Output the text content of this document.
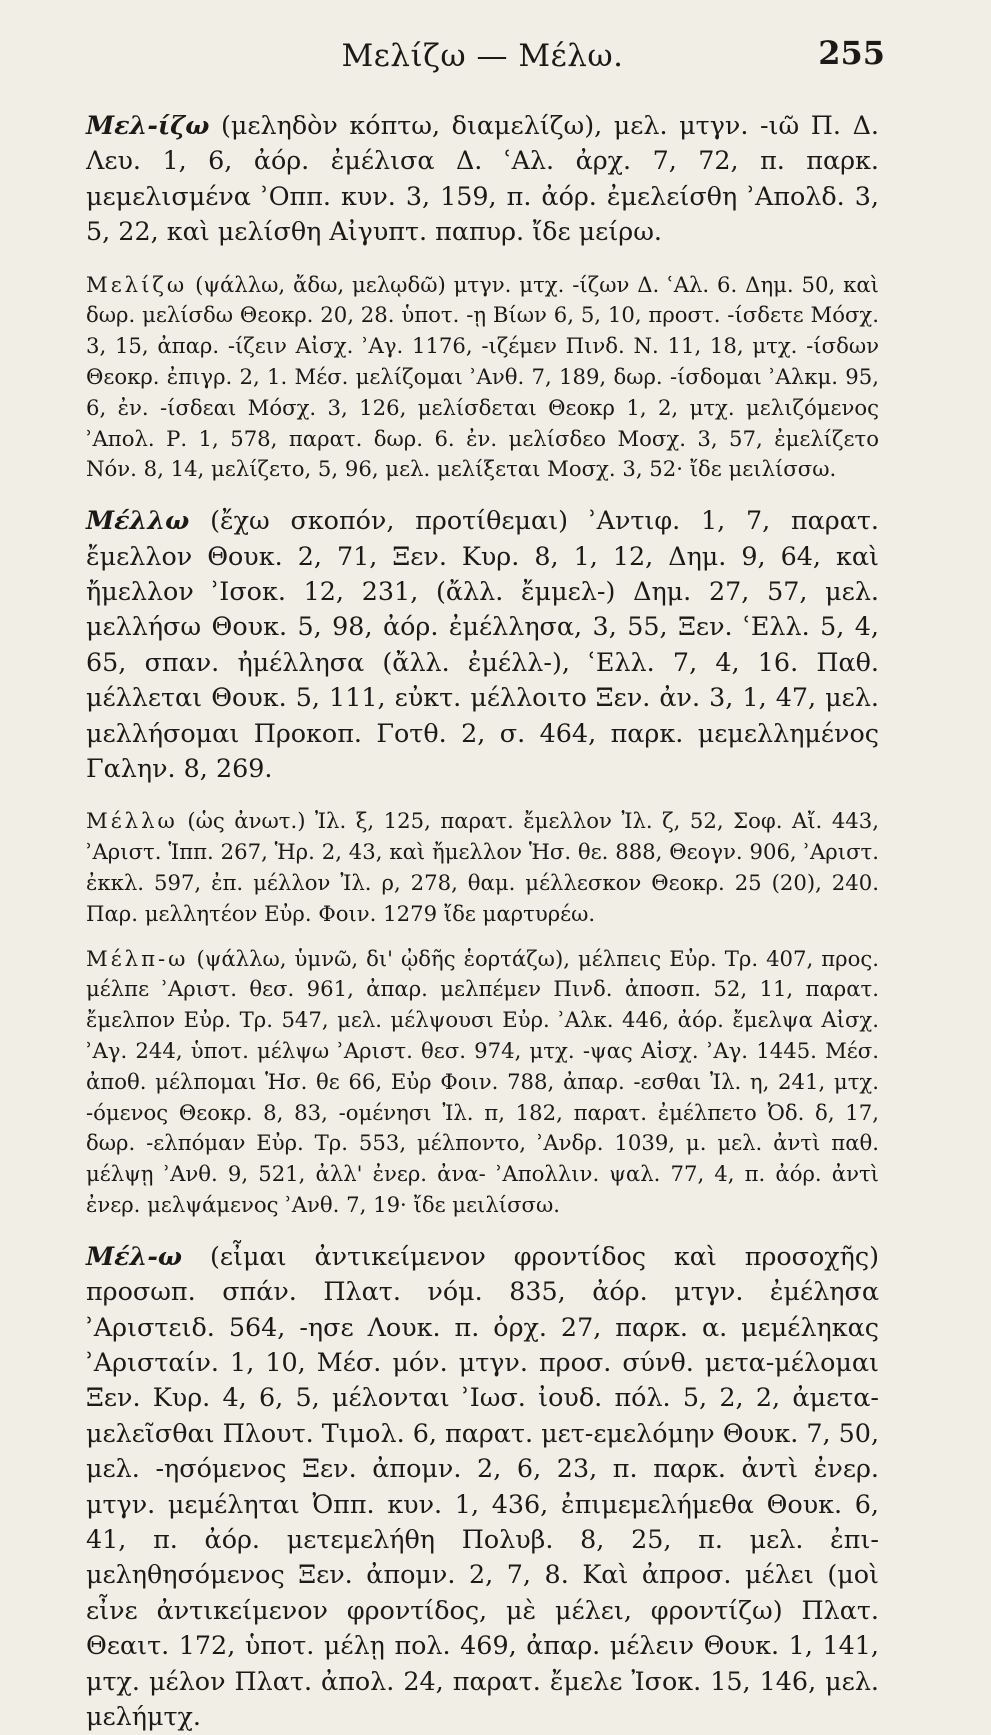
Μελίζω — Μέλω.	255

Μελ-ίζω (μεληδὸν κόπτω, διαμελίζω), μελ. μτγν. -ιῶ Π. Δ. Λευ. 1, 6, ἀόρ. ἐμέλισα Δ. ʿΑλ. ἀρχ. 7, 72, π. παρκ. μεμελισμένα ʾΟππ. κυν. 3, 159, π. ἀόρ. ἐμελείσθη ʾΑπολδ. 3, 5, 22, καὶ μελίσθη Αἰγυπτ. παπυρ. ἴδε μείρω.

Μελίζω (ψάλλω, ἄδω, μελῳδῶ) μτγν. μτχ. -ίζων Δ. ʿΑλ. 6. Δημ. 50, καὶ δωρ. μελίσδω Θεοκρ. 20, 28. ὑποτ. -ῃ Βίων 6, 5, 10, προστ. -ίσδετε Μόσχ. 3, 15, ἀπαρ. -ίζειν Αἰσχ. ʾΑγ. 1176, -ιζέμεν Πινδ. Ν. 11, 18, μτχ. -ίσδων Θεοκρ. ἐπιγρ. 2, 1. Μέσ. μελίζομαι ʾΑνθ. 7, 189, δωρ. -ίσδομαι ʾΑλκμ. 95, 6, ἐν. -ίσδεαι Μόσχ. 3, 126, μελίσδεται Θεοκρ 1, 2, μτχ. μελιζόμενος ʾΑπολ. Ρ. 1, 578, παρατ. δωρ. 6. ἐν. μελίσδεο Μοσχ. 3, 57, ἐμελίζετο Νόν. 8, 14, μελίζετο, 5, 96, μελ. μελίξεται Μοσχ. 3, 52· ἴδε μειλίσσω.

Μέλλω (ἔχω σκοπόν, προτίθεμαι) ʾΑντιφ. 1, 7, παρατ. ἔμελλον Θουκ. 2, 71, Ξεν. Κυρ. 8, 1, 12, Δημ. 9, 64, καὶ ἤμελλον ʾΙσοκ. 12, 231, (ἄλλ. ἔμμελ-) Δημ. 27, 57, μελ. μελλήσω Θουκ. 5, 98, ἀόρ. ἐμέλλησα, 3, 55, Ξεν. ʿΕλλ. 5, 4, 65, σπαν. ἠμέλλησα (ἄλλ. ἐμέλλ-), ʿΕλλ. 7, 4, 16. Παθ. μέλλεται Θουκ. 5, 111, εὐκτ. μέλλοιτο Ξεν. ἀν. 3, 1, 47, μελ. μελλήσομαι Προκοπ. Γοτθ. 2, σ. 464, παρκ. μεμελλημένος Γαλην. 8, 269.

Μέλλω (ὡς ἀνωτ.) Ἰλ. ξ, 125, παρατ. ἔμελλον Ἰλ. ζ, 52, Σοφ. Αἴ. 443, ʾΑριστ. Ἱππ. 267, Ἡρ. 2, 43, καὶ ἤμελλον Ἡσ. θε. 888, Θεογν. 906, ʾΑριστ. ἐκκλ. 597, ἐπ. μέλλον Ἰλ. ρ, 278, θαμ. μέλλεσκον Θεοκρ. 25 (20), 240. Παρ. μελλητέον Εὐρ. Φοιν. 1279 ἴδε μαρτυρέω.

Μέλπ-ω (ψάλλω, ὑμνῶ, δι' ᾠδῆς ἑορτάζω), μέλπεις Εὐρ. Τρ. 407, προς. μέλπε ʾΑριστ. θεσ. 961, ἀπαρ. μελπέμεν Πινδ. ἀποσπ. 52, 11, παρατ. ἔμελπον Εὐρ. Τρ. 547, μελ. μέλψουσι Εὐρ. ʾΑλκ. 446, ἀόρ. ἔμελψα Αἰσχ. ʾΑγ. 244, ὑποτ. μέλψω ʾΑριστ. θεσ. 974, μτχ. -ψας Αἰσχ. ʾΑγ. 1445. Μέσ. ἀποθ. μέλπομαι Ἡσ. θε 66, Εὐρ Φοιν. 788, ἀπαρ. -εσθαι Ἰλ. η, 241, μτχ. -όμενος Θεοκρ. 8, 83, -ομένησι Ἰλ. π, 182, παρατ. ἐμέλπετο Ὀδ. δ, 17, δωρ. -ελπόμαν Εὐρ. Τρ. 553, μέλποντο, ʾΑνδρ. 1039, μ. μελ. ἀντὶ παθ. μέλψῃ ʾΑνθ. 9, 521, ἀλλ' ἐνερ. ἀνα- ʾΑπολλιν. ψαλ. 77, 4, π. ἀόρ. ἀντὶ ἐνερ. μελψάμενος ʾΑνθ. 7, 19· ἴδε μειλίσσω.

Μέλ-ω (εἶμαι ἀντικείμενον φροντίδος καὶ προσοχῆς) προσωπ. σπάν. Πλατ. νόμ. 835, ἀόρ. μτγν. ἐμέλησα ʾΑριστειδ. 564, -ησε Λουκ. π. ὀρχ. 27, παρκ. α. μεμέληκας ʾΑρισταίν. 1, 10, Μέσ. μόν. μτγν. προσ. σύνθ. μετα-μέλομαι Ξεν. Κυρ. 4, 6, 5, μέλονται ʾΙωσ. ἰουδ. πόλ. 5, 2, 2, ἀμετα-μελεῖσθαι Πλουτ. Τιμολ. 6, παρατ. μετ-εμελόμην Θουκ. 7, 50, μελ. -ησόμενος Ξεν. ἀπομν. 2, 6, 23, π. παρκ. ἀντὶ ἐνερ. μτγν. μεμέληται Ὀππ. κυν. 1, 436, ἐπιμεμελήμεθα Θουκ. 6, 41, π. ἀόρ. μετεμελήθη Πολυβ. 8, 25, π. μελ. ἐπι-μεληθησόμενος Ξεν. ἀπομν. 2, 7, 8. Καὶ ἀπροσ. μέλει (μοὶ εἶνε ἀντικείμενον φροντίδος, μὲ μέλει, φροντίζω) Πλατ. Θεαιτ. 172, ὑποτ. μέλῃ πολ. 469, ἀπαρ. μέλειν Θουκ. 1, 141, μτχ. μέλον Πλατ. ἀπολ. 24, παρατ. ἔμελε Ἰσοκ. 15, 146, μελ. μελήμτχ.
